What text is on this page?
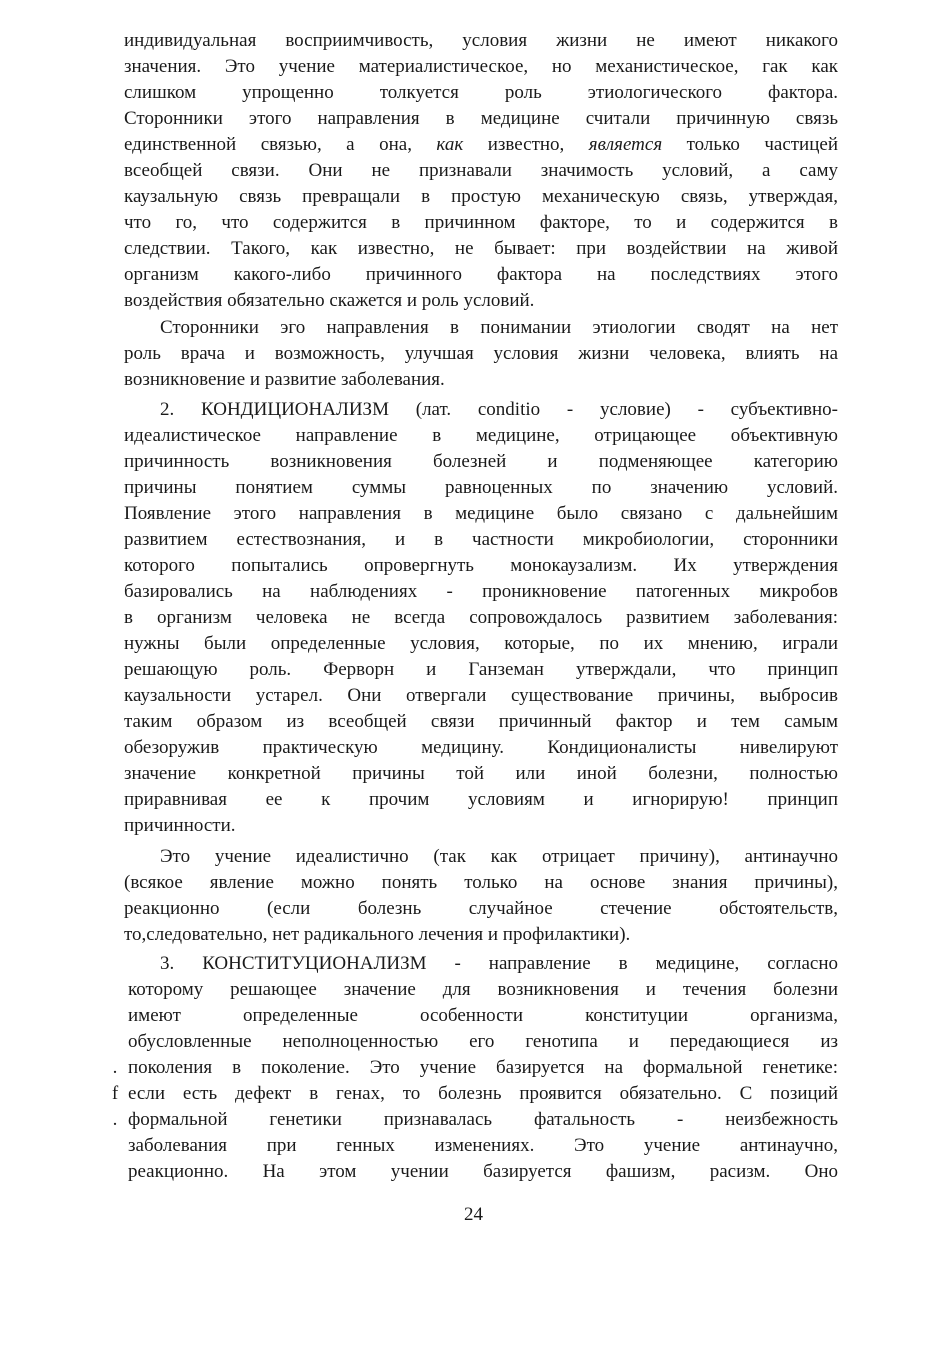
индивидуальная восприимчивость, условия жизни не имеют никакого
значения. Это учение материалистическое, но механистическое, гак как
слишком упрощенно толкуется роль этиологического фактора.
Сторонники этого направления в медицине считали причинную связь
единственной связью, а она, как известно, является только частицей
всеобщей связи. Они не признавали значимость условий, а саму
каузальную связь превращали в простую механическую связь, утверждая,
что го, что содержится в причинном факторе, то и содержится в
следствии. Такого, как известно, не бывает: при воздействии на живой
организм какого-либо причинного фактора на последствиях этого
воздействия обязательно скажется и роль условий.
Сторонники эго направления в понимании этиологии сводят на нет
роль врача и возможность, улучшая условия жизни человека, влиять на
возникновение и развитие заболевания.
2. КОНДИЦИОНАЛИЗМ (лат. conditio - условие) - субъективно-
идеалистическое направление в медицине, отрицающее объективную
причинность возникновения болезней и подменяющее категорию
причины понятием суммы равноценных по значению условий.
Появление этого направления в медицине было связано с дальнейшим
развитием естествознания, и в частности микробиологии, сторонники
которого попытались опровергнуть монокаузализм. Их утверждения
базировались на наблюдениях - проникновение патогенных микробов
в организм человека не всегда сопровождалось развитием заболевания:
нужны были определенные условия, которые, по их мнению, играли
решающую роль. Ферворн и Ганземан утверждали, что принцип
каузальности устарел. Они отвергали существование причины, выбросив
таким образом из всеобщей связи причинный фактор и тем самым
обезоружив практическую медицину. Кондиционалисты нивелируют
значение конкретной причины той или иной болезни, полностью
приравнивая ее к прочим условиям и игнорирую! принцип
причинности.
Это учение идеалистично (так как отрицает причину), антинаучно
(всякое явление можно понять только на основе знания причины),
реакционно (если болезнь случайное стечение обстоятельств,
то,следовательно, нет радикального лечения и профилактики).
3. КОНСТИТУЦИОНАЛИЗМ - направление в медицине, согласно
которому решающее значение для возникновения и течения болезни
имеют определенные особенности конституции организма,
обусловленные неполноценностью его генотипа и передающиеся из
поколения в поколение. Это учение базируется на формальной генетике:
если есть дефект в генах, то болезнь проявится обязательно. С позиций
формальной генетики признавалась фатальность - неизбежность
заболевания при генных изменениях. Это учение антинаучно,
реакционно. На этом учении базируется фашизм, расизм. Оно
.
f
.
24
